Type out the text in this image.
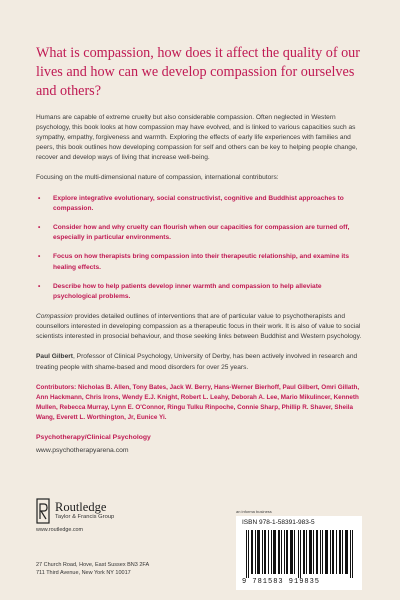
What is compassion, how does it affect the quality of our lives and how can we develop compassion for ourselves and others?

Humans are capable of extreme cruelty but also considerable compassion. Often neglected in Western psychology, this book looks at how compassion may have evolved, and is linked to various capacities such as sympathy, empathy, forgiveness and warmth. Exploring the effects of early life experiences with families and peers, this book outlines how developing compassion for self and others can be key to helping people change, recover and develop ways of living that increase well-being.

Focusing on the multi-dimensional nature of compassion, international contributors:

• Explore integrative evolutionary, social constructivist, cognitive and Buddhist approaches to compassion.
• Consider how and why cruelty can flourish when our capacities for compassion are turned off, especially in particular environments.
• Focus on how therapists bring compassion into their therapeutic relationship, and examine its healing effects.
• Describe how to help patients develop inner warmth and compassion to help alleviate psychological problems.

Compassion provides detailed outlines of interventions that are of particular value to psychotherapists and counsellors interested in developing compassion as a therapeutic focus in their work. It is also of value to social scientists interested in prosocial behaviour, and those seeking links between Buddhist and Western psychology.

Paul Gilbert, Professor of Clinical Psychology, University of Derby, has been actively involved in research and treating people with shame-based and mood disorders for over 25 years.

Contributors: Nicholas B. Allen, Tony Bates, Jack W. Berry, Hans-Werner Bierhoff, Paul Gilbert, Omri Gillath, Ann Hackmann, Chris Irons, Wendy E.J. Knight, Robert L. Leahy, Deborah A. Lee, Mario Mikulincer, Kenneth Mullen, Rebecca Murray, Lynn E. O'Connor, Ringu Tulku Rinpoche, Connie Sharp, Phillip R. Shaver, Sheila Wang, Everett L. Worthington, Jr, Eunice Yi.

Psychotherapy/Clinical Psychology
www.psychotherapyarena.com
Routledge
Taylor & Francis Group
www.routledge.com
27 Church Road, Hove, East Sussex BN3 2FA
711 Third Avenue, New York NY 10017
an informa business
ISBN 978-1-58391-983-5
9 781583 919835
